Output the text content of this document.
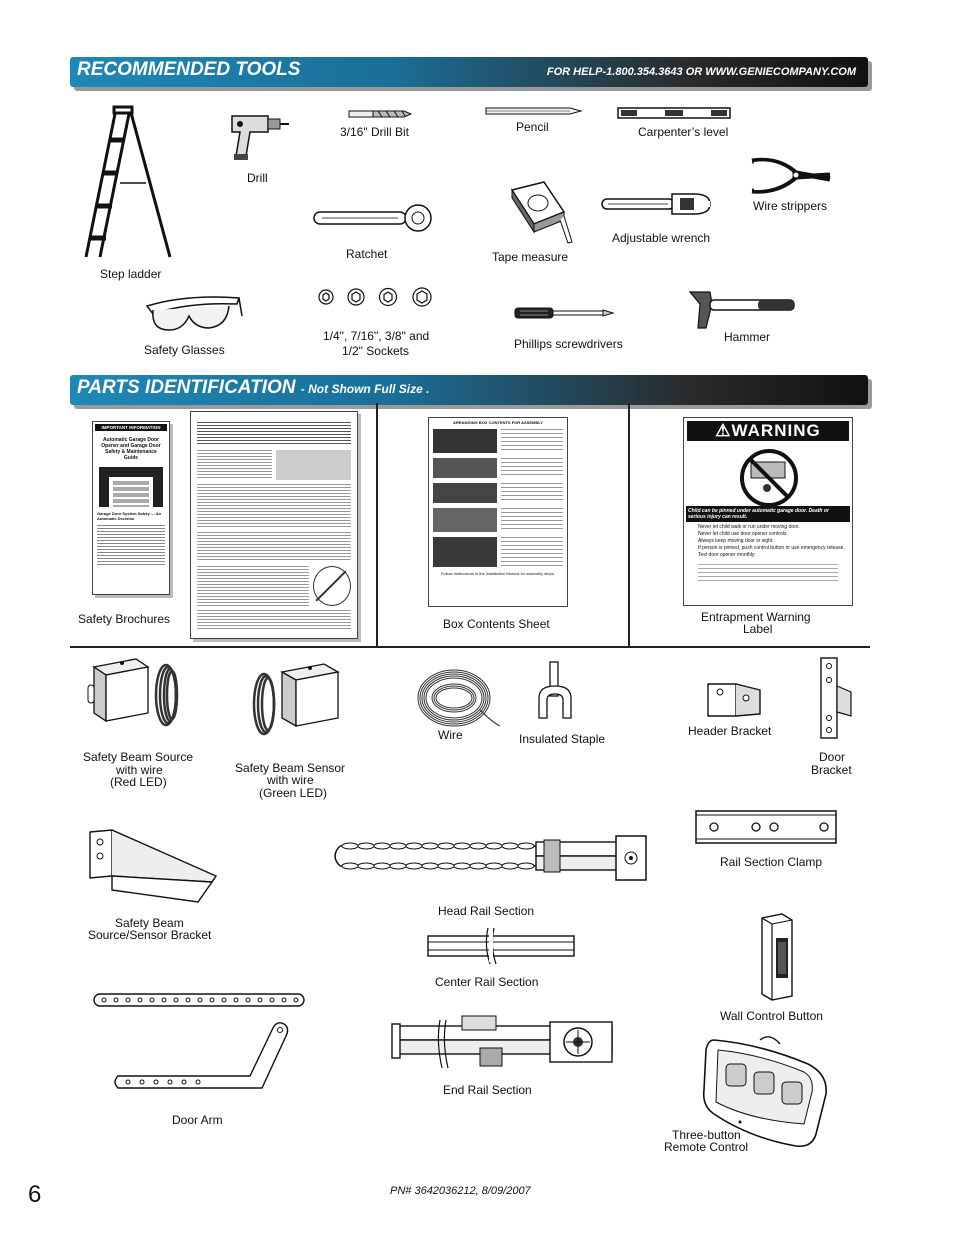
RECOMMENDED TOOLS	FOR HELP-1.800.354.3643 OR WWW.GENIECOMPANY.COM
Step ladder
Drill
3/16" Drill Bit	Pencil	Carpenter’s level
Wire strippers
Ratchet	Tape measure
Adjustable wrench
Safety Glasses
1/4", 7/16", 3/8" and
1/2" Sockets	Phillips screwdrivers	Hammer
PARTS IDENTIFICATION - Not Shown Full Size .
IMPORTANT INFORMATION
Automatic Garage Door Opener and Garage Door Safety & Maintenance Guide
Garage Door System Safety — An Automatic Decision
Safety Brochures
ARRANGING BOX CONTENTS FOR ASSEMBLY
Follow instructions in the Installation Manual for assembly steps.
Box Contents Sheet
⚠WARNING
Child can be pinned under automatic garage door. Death or serious injury can result.
Never let child walk or run under moving door.
Never let child use door opener controls.
Always keep moving door in sight.
If person is pinned, push control button or use emergency release.
Test door opener monthly:
Entrapment Warning
Label
Safety Beam Source
with wire
(Red LED)
Safety Beam Sensor
with wire
(Green LED)
Wire	Insulated Staple
Header Bracket
Door
Bracket
Rail Section Clamp
Safety Beam
Source/Sensor Bracket
Head Rail Section
Center Rail Section
End Rail Section
Door Arm
Wall Control Button
Three-button
Remote Control
6	PN# 3642036212, 8/09/2007
